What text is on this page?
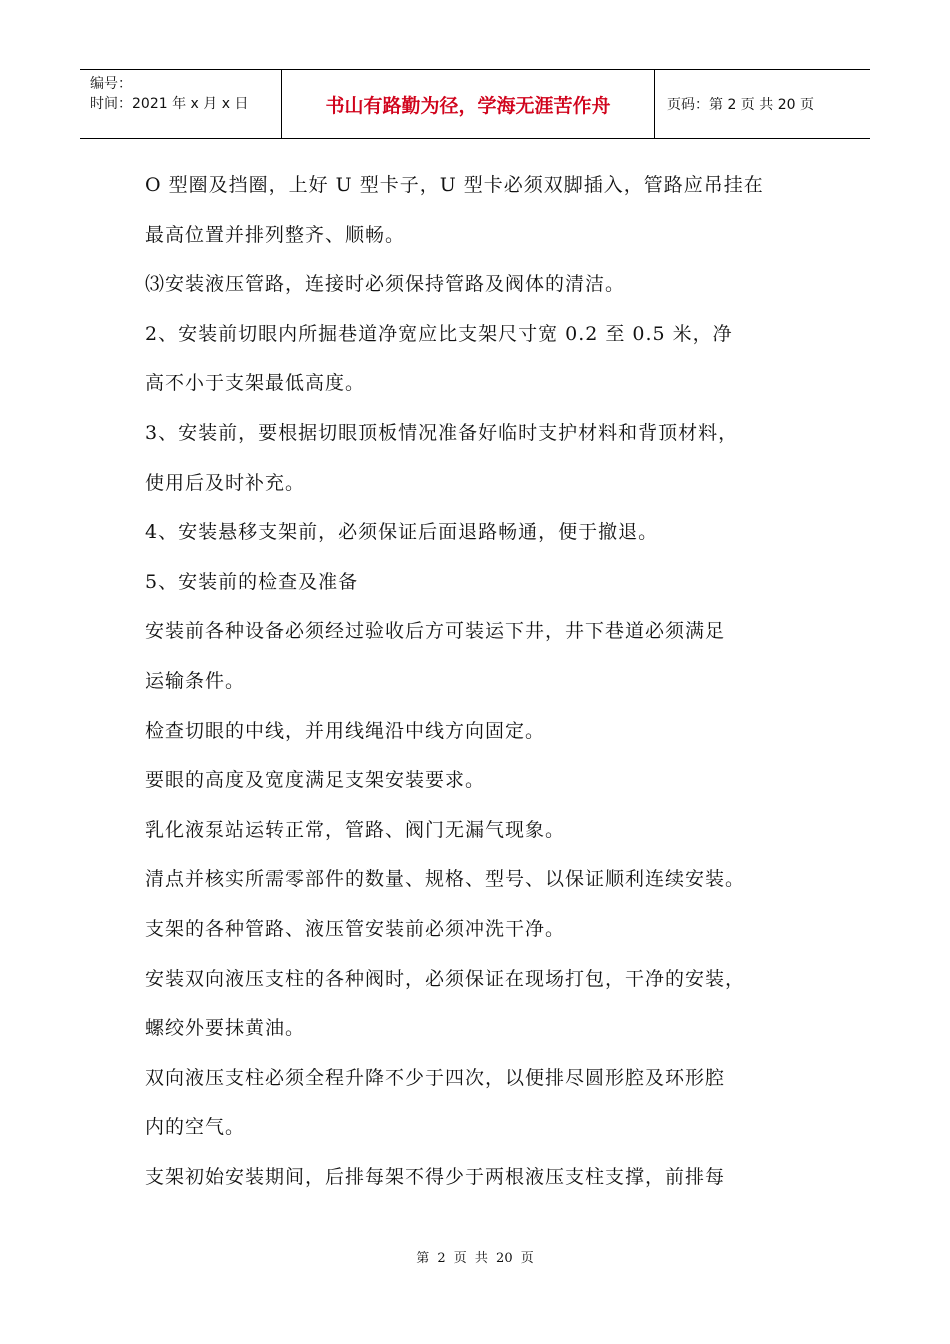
编号：
时间：2021 年 x 月 x 日	书山有路勤为径，学海无涯苦作舟	页码：第 2 页 共 20 页
O 型圈及挡圈，上好 U 型卡子，U 型卡必须双脚插入，管路应吊挂在
最高位置并排列整齐、顺畅。
⑶安装液压管路，连接时必须保持管路及阀体的清洁。
2、安装前切眼内所掘巷道净宽应比支架尺寸宽 0.2 至 0.5 米，净
高不小于支架最低高度。
3、安装前，要根据切眼顶板情况准备好临时支护材料和背顶材料，
使用后及时补充。
4、安装悬移支架前，必须保证后面退路畅通，便于撤退。
5、安装前的检查及准备
安装前各种设备必须经过验收后方可装运下井，井下巷道必须满足
运输条件。
检查切眼的中线，并用线绳沿中线方向固定。
要眼的高度及宽度满足支架安装要求。
乳化液泵站运转正常，管路、阀门无漏气现象。
清点并核实所需零部件的数量、规格、型号、以保证顺利连续安装。
支架的各种管路、液压管安装前必须冲洗干净。
安装双向液压支柱的各种阀时，必须保证在现场打包，干净的安装，
螺绞外要抹黄油。
双向液压支柱必须全程升降不少于四次，以便排尽圆形腔及环形腔
内的空气。
支架初始安装期间，后排每架不得少于两根液压支柱支撑，前排每
第 2 页 共 20 页
